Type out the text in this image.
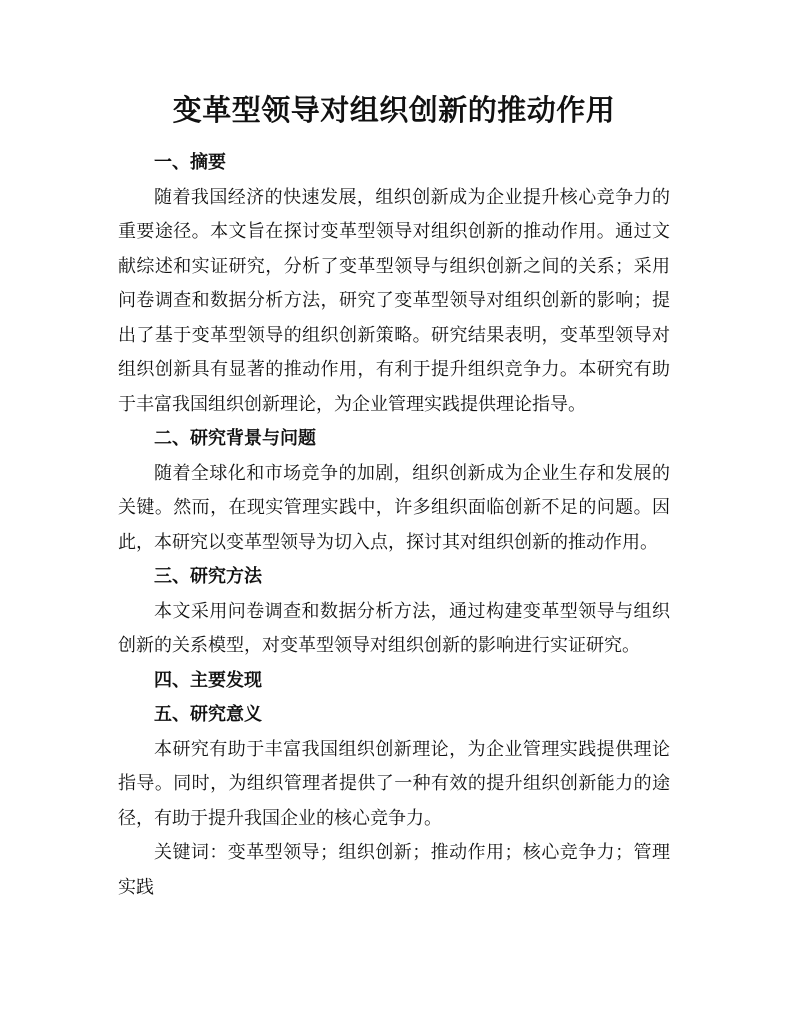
变革型领导对组织创新的推动作用

一、摘要

随着我国经济的快速发展，组织创新成为企业提升核心竞争力的重要途径。本文旨在探讨变革型领导对组织创新的推动作用。通过文献综述和实证研究，分析了变革型领导与组织创新之间的关系；采用问卷调查和数据分析方法，研究了变革型领导对组织创新的影响；提出了基于变革型领导的组织创新策略。研究结果表明，变革型领导对组织创新具有显著的推动作用，有利于提升组织竞争力。本研究有助于丰富我国组织创新理论，为企业管理实践提供理论指导。

二、研究背景与问题

随着全球化和市场竞争的加剧，组织创新成为企业生存和发展的关键。然而，在现实管理实践中，许多组织面临创新不足的问题。因此，本研究以变革型领导为切入点，探讨其对组织创新的推动作用。

三、研究方法

本文采用问卷调查和数据分析方法，通过构建变革型领导与组织创新的关系模型，对变革型领导对组织创新的影响进行实证研究。

四、主要发现

五、研究意义

本研究有助于丰富我国组织创新理论，为企业管理实践提供理论指导。同时，为组织管理者提供了一种有效的提升组织创新能力的途径，有助于提升我国企业的核心竞争力。

关键词：变革型领导；组织创新；推动作用；核心竞争力；管理实践
